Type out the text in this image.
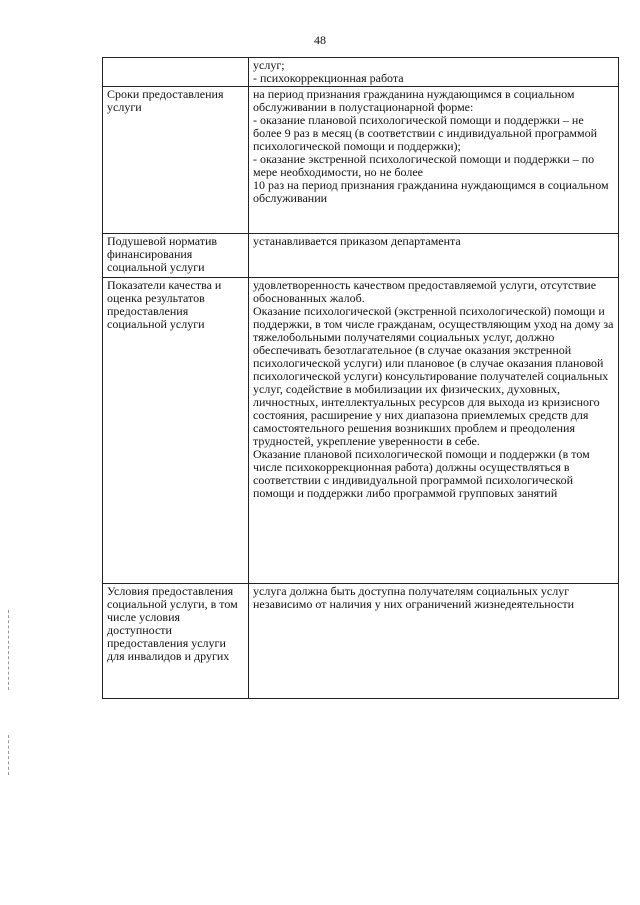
48

	услуг;
- психокоррекционная работа

Сроки предоставления услуги	на период признания гражданина нуждающимся в социальном обслуживании в полустационарной форме:
- оказание плановой психологической помощи и поддержки – не более 9 раз в месяц (в соответствии с индивидуальной программой психологической помощи и поддержки);
- оказание экстренной психологической помощи и поддержки – по мере необходимости, но не более
10 раз на период признания гражданина нуждающимся в социальном обслуживании

Подушевой норматив финансирования социальной услуги	устанавливается приказом департамента

Показатели качества и оценка результатов предоставления социальной услуги	удовлетворенность качеством предоставляемой услуги, отсутствие обоснованных жалоб.
Оказание психологической (экстренной психологической) помощи и поддержки, в том числе гражданам, осуществляющим уход на дому за тяжелобольными получателями социальных услуг, должно обеспечивать безотлагательное (в случае оказания экстренной психологической услуги) или плановое (в случае оказания плановой психологической услуги) консультирование получателей социальных услуг, содействие в мобилизации их физических, духовных, личностных, интеллектуальных ресурсов для выхода из кризисного состояния, расширение у них диапазона приемлемых средств для самостоятельного решения возникших проблем и преодоления трудностей, укрепление уверенности в себе.
Оказание плановой психологической помощи и поддержки (в том числе психокоррекционная работа) должны осуществляться в соответствии с индивидуальной программой психологической помощи и поддержки либо программой групповых занятий

Условия предоставления социальной услуги, в том числе условия доступности предоставления услуги для инвалидов и других	услуга должна быть доступна получателям социальных услуг независимо от наличия у них ограничений жизнедеятельности
